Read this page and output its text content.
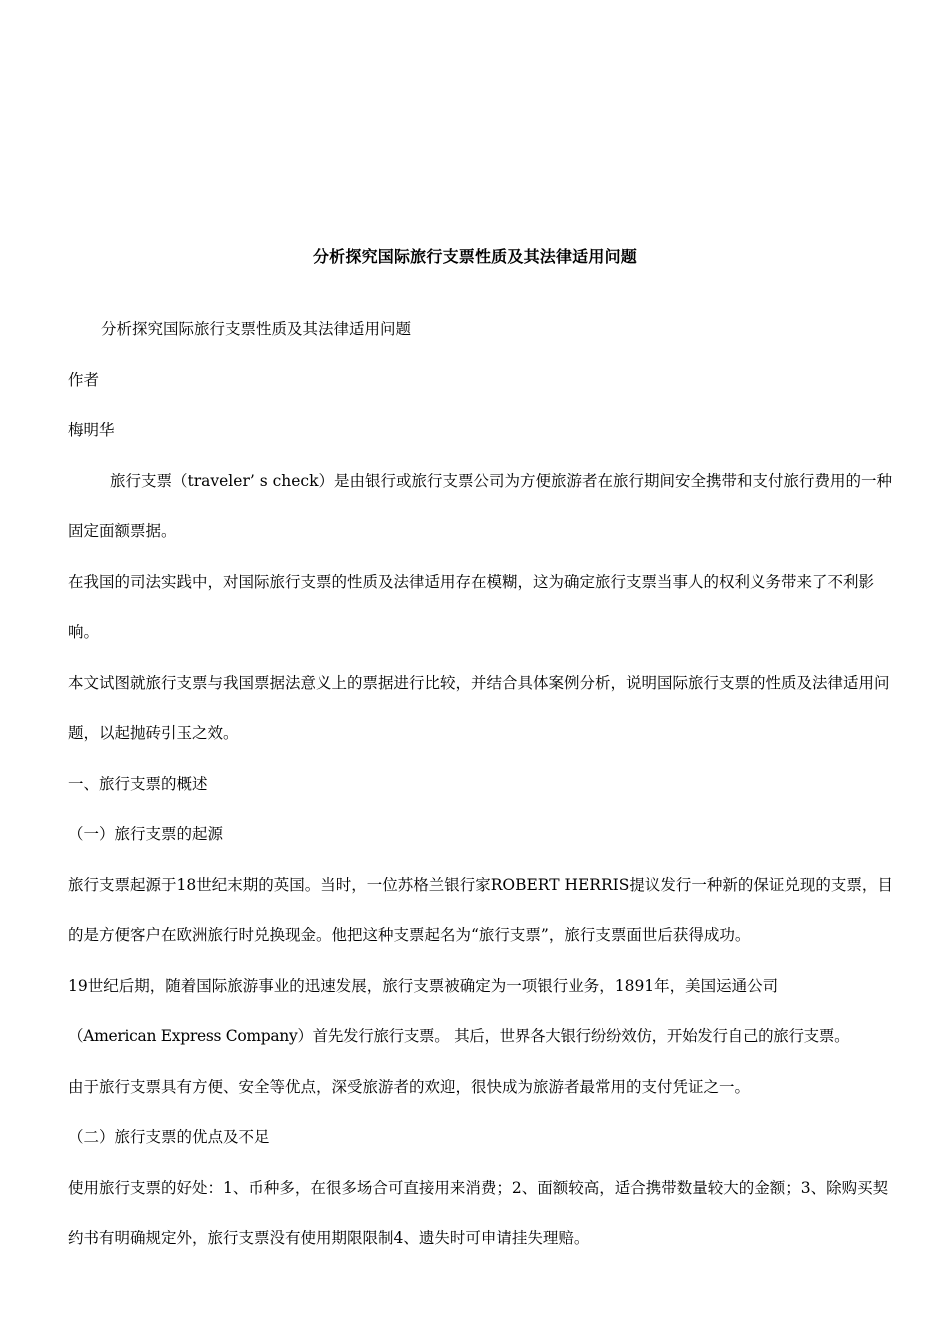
分析探究国际旅行支票性质及其法律适用问题

分析探究国际旅行支票性质及其法律适用问题

作者

梅明华

旅行支票（traveler’ s check）是由银行或旅行支票公司为方便旅游者在旅行期间安全携带和支付旅行费用的一种固定面额票据。

在我国的司法实践中，对国际旅行支票的性质及法律适用存在模糊，这为确定旅行支票当事人的权利义务带来了不利影响。

本文试图就旅行支票与我国票据法意义上的票据进行比较，并结合具体案例分析，说明国际旅行支票的性质及法律适用问题，以起抛砖引玉之效。

一、旅行支票的概述

（一）旅行支票的起源

旅行支票起源于18世纪末期的英国。当时，一位苏格兰银行家ROBERT HERRIS提议发行一种新的保证兑现的支票，目的是方便客户在欧洲旅行时兑换现金。他把这种支票起名为“旅行支票”，旅行支票面世后获得成功。

19世纪后期，随着国际旅游事业的迅速发展，旅行支票被确定为一项银行业务，1891年，美国运通公司

（American Express Company）首先发行旅行支票。 其后，世界各大银行纷纷效仿，开始发行自己的旅行支票。

由于旅行支票具有方便、安全等优点，深受旅游者的欢迎，很快成为旅游者最常用的支付凭证之一。

（二）旅行支票的优点及不足

使用旅行支票的好处：1、币种多，在很多场合可直接用来消费；2、面额较高，适合携带数量较大的金额；3、除购买契约书有明确规定外，旅行支票没有使用期限限制4、遗失时可申请挂失理赔。
